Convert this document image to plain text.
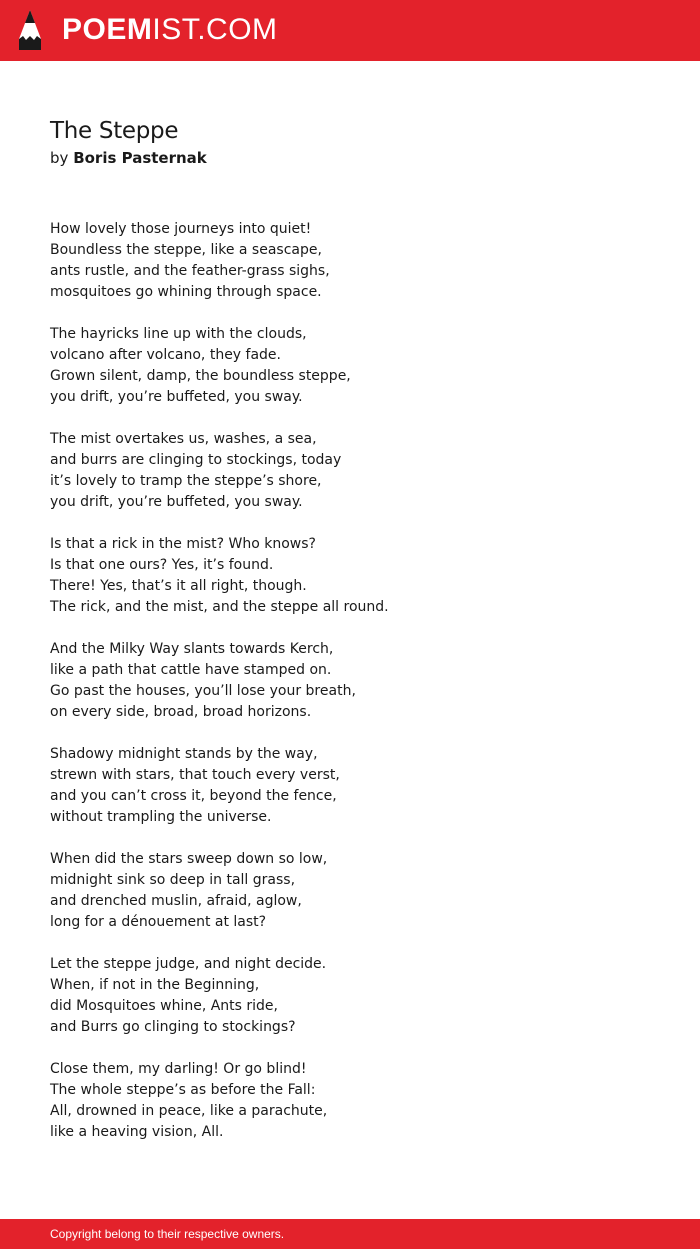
POEMIST.COM
The Steppe
by Boris Pasternak
How lovely those journeys into quiet!
Boundless the steppe, like a seascape,
ants rustle, and the feather-grass sighs,
mosquitoes go whining through space.
The hayricks line up with the clouds,
volcano after volcano, they fade.
Grown silent, damp, the boundless steppe,
you drift, you’re buffeted, you sway.
The mist overtakes us, washes, a sea,
and burrs are clinging to stockings, today
it’s lovely to tramp the steppe’s shore,
you drift, you’re buffeted, you sway.
Is that a rick in the mist? Who knows?
Is that one ours? Yes, it’s found.
There! Yes, that’s it all right, though.
The rick, and the mist, and the steppe all round.
And the Milky Way slants towards Kerch,
like a path that cattle have stamped on.
Go past the houses, you’ll lose your breath,
on every side, broad, broad horizons.
Shadowy midnight stands by the way,
strewn with stars, that touch every verst,
and you can’t cross it, beyond the fence,
without trampling the universe.
When did the stars sweep down so low,
midnight sink so deep in tall grass,
and drenched muslin, afraid, aglow,
long for a dénouement at last?
Let the steppe judge, and night decide.
When, if not in the Beginning,
did Mosquitoes whine, Ants ride,
and Burrs go clinging to stockings?
Close them, my darling! Or go blind!
The whole steppe’s as before the Fall:
All, drowned in peace, like a parachute,
like a heaving vision, All.
Copyright belong to their respective owners.
